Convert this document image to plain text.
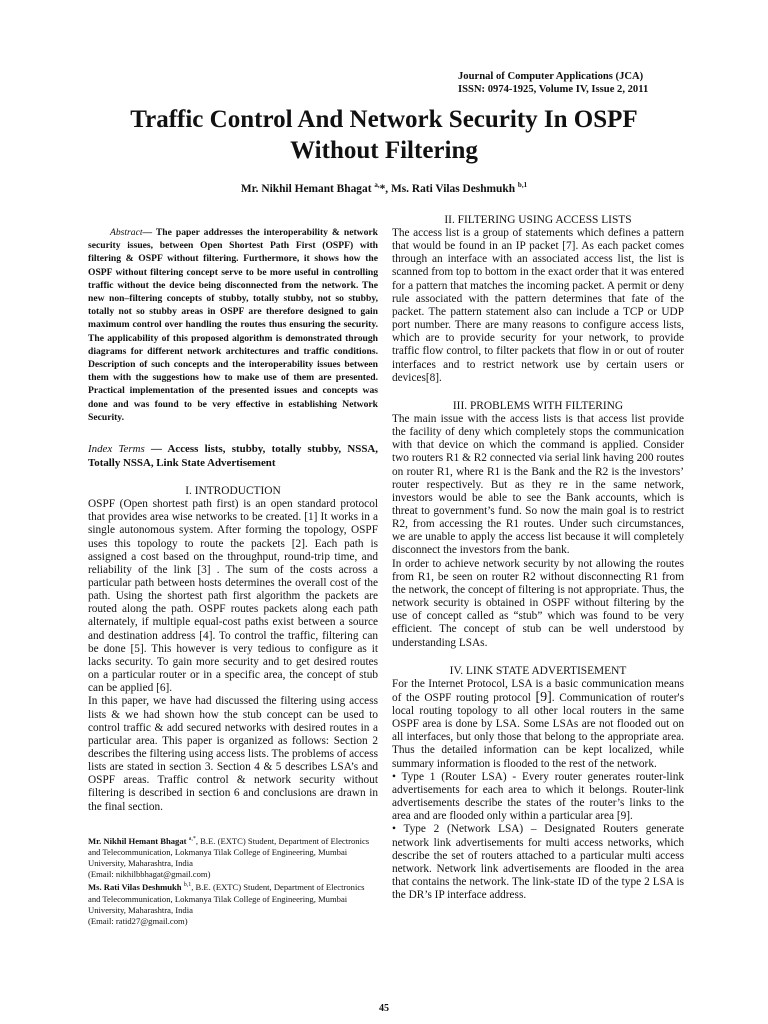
Journal of Computer Applications (JCA)
ISSN: 0974-1925, Volume IV, Issue 2, 2011
Traffic Control And Network Security In OSPF
Without Filtering
Mr. Nikhil Hemant Bhagat $^{a,}$*, Ms. Rati Vilas Deshmukh $^{b,1}$

Abstract— The paper addresses the interoperability & network security issues, between Open Shortest Path First (OSPF) with filtering & OSPF without filtering. Furthermore, it shows how the OSPF without filtering concept serve to be more useful in controlling traffic without the device being disconnected from the network. The new non–filtering concepts of stubby, totally stubby, not so stubby, totally not so stubby areas in OSPF are therefore designed to gain maximum control over handling the routes thus ensuring the security. The applicability of this proposed algorithm is demonstrated through diagrams for different network architectures and traffic conditions. Description of such concepts and the interoperability issues between them with the suggestions how to make use of them are presented. Practical implementation of the presented issues and concepts was done and was found to be very effective in establishing Network Security.

Index Terms — Access lists, stubby, totally stubby, NSSA, Totally NSSA, Link State Advertisement

I. INTRODUCTION

OSPF (Open shortest path first) is an open standard protocol that provides area wise networks to be created. [1] It works in a single autonomous system. After forming the topology, OSPF uses this topology to route the packets [2]. Each path is assigned a cost based on the throughput, round-trip time, and reliability of the link [3] . The sum of the costs across a particular path between hosts determines the overall cost of the path. Using the shortest path first algorithm the packets are routed along the path. OSPF routes packets along each path alternately, if multiple equal-cost paths exist between a source and destination address [4]. To control the traffic, filtering can be done [5]. This however is very tedious to configure as it lacks security. To gain more security and to get desired routes on a particular router or in a specific area, the concept of stub can be applied [6].

In this paper, we have had discussed the filtering using access lists & we had shown how the stub concept can be used to control traffic & add secured networks with desired routes in a particular area. This paper is organized as follows: Section 2 describes the filtering using access lists. The problems of access lists are stated in section 3. Section 4 & 5 describes LSA’s and OSPF areas. Traffic control & network security without filtering is described in section 6 and conclusions are drawn in the final section.

Mr. Nikhil Hemant Bhagat $^{a,*}$, B.E. (EXTC) Student, Department of Electronics and Telecommunication, Lokmanya Tilak College of Engineering, Mumbai University, Maharashtra, India
(Email: nikhilbbhagat@gmail.com)

Ms. Rati Vilas Deshmukh $^{b,1}$, B.E. (EXTC) Student, Department of Electronics and Telecommunication, Lokmanya Tilak College of Engineering, Mumbai University, Maharashtra, India
(Email: ratid27@gmail.com)

II. FILTERING USING ACCESS LISTS

The access list is a group of statements which defines a pattern that would be found in an IP packet [7]. As each packet comes through an interface with an associated access list, the list is scanned from top to bottom in the exact order that it was entered for a pattern that matches the incoming packet. A permit or deny rule associated with the pattern determines that fate of the packet. The pattern statement also can include a TCP or UDP port number. There are many reasons to configure access lists, which are to provide security for your network, to provide traffic flow control, to filter packets that flow in or out of router interfaces and to restrict network use by certain users or devices[8].

III. PROBLEMS WITH FILTERING

The main issue with the access lists is that access list provide the facility of deny which completely stops the communication with that device on which the command is applied. Consider two routers R1 & R2 connected via serial link having 200 routes on router R1, where R1 is the Bank and the R2 is the investors’ router respectively. But as they re in the same network, investors would be able to see the Bank accounts, which is threat to government’s fund. So now the main goal is to restrict R2, from accessing the R1 routes. Under such circumstances, we are unable to apply the access list because it will completely disconnect the investors from the bank.

In order to achieve network security by not allowing the routes from R1, be seen on router R2 without disconnecting R1 from the network, the concept of filtering is not appropriate. Thus, the network security is obtained in OSPF without filtering by the use of concept called as “stub” which was found to be very efficient. The concept of stub can be well understood by understanding LSAs.

IV. LINK STATE ADVERTISEMENT

For the Internet Protocol, LSA is a basic communication means of the OSPF routing protocol [9]. Communication of router's local routing topology to all other local routers in the same OSPF area is done by LSA. Some LSAs are not flooded out on all interfaces, but only those that belong to the appropriate area. Thus the detailed information can be kept localized, while summary information is flooded to the rest of the network.

• Type 1 (Router LSA) - Every router generates router-link advertisements for each area to which it belongs. Router-link advertisements describe the states of the router’s links to the area and are flooded only within a particular area [9].

• Type 2 (Network LSA) – Designated Routers generate network link advertisements for multi access networks, which describe the set of routers attached to a particular multi access network. Network link advertisements are flooded in the area that contains the network. The link-state ID of the type 2 LSA is the DR’s IP interface address.

45
